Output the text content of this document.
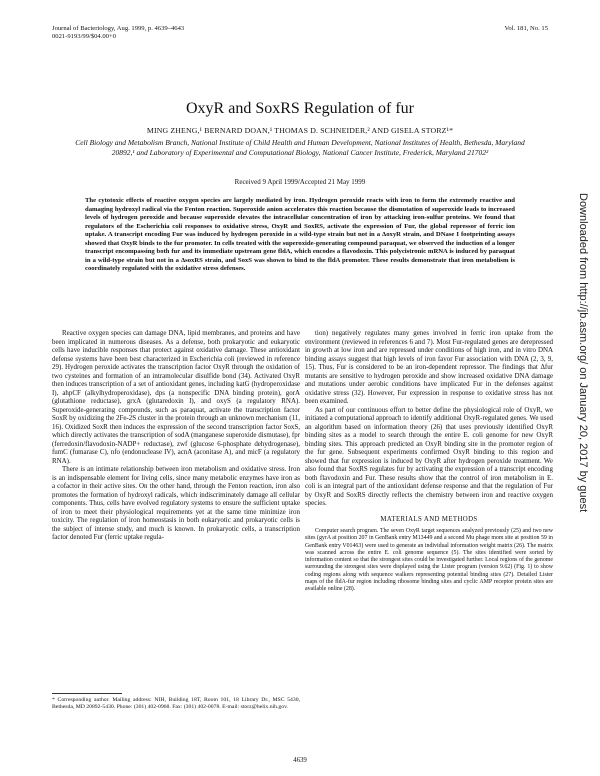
Journal of Bacteriology, Aug. 1999, p. 4639–4643
0021-9193/99/$04.00+0
Vol. 181, No. 15
OxyR and SoxRS Regulation of fur
MING ZHENG,¹ BERNARD DOAN,¹ THOMAS D. SCHNEIDER,² AND GISELA STORZ¹*
Cell Biology and Metabolism Branch, National Institute of Child Health and Human Development, National Institutes of Health, Bethesda, Maryland 20892,¹ and Laboratory of Experimental and Computational Biology, National Cancer Institute, Frederick, Maryland 21702²
Received 9 April 1999/Accepted 21 May 1999
The cytotoxic effects of reactive oxygen species are largely mediated by iron. Hydrogen peroxide reacts with iron to form the extremely reactive and damaging hydroxyl radical via the Fenton reaction. Superoxide anion accelerates this reaction because the dismutation of superoxide leads to increased levels of hydrogen peroxide and because superoxide elevates the intracellular concentration of iron by attacking iron-sulfur proteins. We found that regulators of the Escherichia coli responses to oxidative stress, OxyR and SoxRS, activate the expression of Fur, the global repressor of ferric ion uptake. A transcript encoding Fur was induced by hydrogen peroxide in a wild-type strain but not in a ΔoxyR strain, and DNase I footprinting assays showed that OxyR binds to the fur promoter. In cells treated with the superoxide-generating compound paraquat, we observed the induction of a longer transcript encompassing both fur and its immediate upstream gene fldA, which encodes a flavodoxin. This polycistronic mRNA is induced by paraquat in a wild-type strain but not in a ΔsoxRS strain, and SoxS was shown to bind to the fldA promoter. These results demonstrate that iron metabolism is coordinately regulated with the oxidative stress defenses.

Reactive oxygen species can damage DNA, lipid membranes, and proteins and have been implicated in numerous diseases. As a defense, both prokaryotic and eukaryotic cells have inducible responses that protect against oxidative damage. These antioxidant defense systems have been best characterized in Escherichia coli (reviewed in reference 29). Hydrogen peroxide activates the transcription factor OxyR through the oxidation of two cysteines and formation of an intramolecular disulfide bond (34). Activated OxyR then induces transcription of a set of antioxidant genes, including katG (hydroperoxidase I), ahpCF (alkylhydroperoxidase), dps (a nonspecific DNA binding protein), gorA (glutathione reductase), grxA (glutaredoxin I), and oxyS (a regulatory RNA). Superoxide-generating compounds, such as paraquat, activate the transcription factor SoxR by oxidizing the 2Fe-2S cluster in the protein through an unknown mechanism (11, 16). Oxidized SoxR then induces the expression of the second transcription factor SoxS, which directly activates the transcription of sodA (manganese superoxide dismutase), fpr (ferredoxin/flavodoxin-NADP+ reductase), zwf (glucose 6-phosphate dehydrogenase), fumC (fumarase C), nfo (endonuclease IV), acnA (aconitase A), and micF (a regulatory RNA).

There is an intimate relationship between iron metabolism and oxidative stress. Iron is an indispensable element for living cells, since many metabolic enzymes have iron as a cofactor in their active sites. On the other hand, through the Fenton reaction, iron also promotes the formation of hydroxyl radicals, which indiscriminately damage all cellular components. Thus, cells have evolved regulatory systems to ensure the sufficient uptake of iron to meet their physiological requirements yet at the same time minimize iron toxicity. The regulation of iron homeostasis in both eukaryotic and prokaryotic cells is the subject of intense study, and much is known. In prokaryotic cells, a transcription factor denoted Fur (ferric uptake regula-

tion) negatively regulates many genes involved in ferric iron uptake from the environment (reviewed in references 6 and 7). Most Fur-regulated genes are derepressed in growth at low iron and are repressed under conditions of high iron, and in vitro DNA binding assays suggest that high levels of iron favor Fur association with DNA (2, 3, 9, 15). Thus, Fur is considered to be an iron-dependent repressor. The findings that Δfur mutants are sensitive to hydrogen peroxide and show increased oxidative DNA damage and mutations under aerobic conditions have implicated Fur in the defenses against oxidative stress (32). However, Fur expression in response to oxidative stress has not been examined.

As part of our continuous effort to better define the physiological role of OxyR, we initiated a computational approach to identify additional OxyR-regulated genes. We used an algorithm based on information theory (26) that uses previously identified OxyR binding sites as a model to search through the entire E. coli genome for new OxyR binding sites. This approach predicted an OxyR binding site in the promoter region of the fur gene. Subsequent experiments confirmed OxyR binding to this region and showed that fur expression is induced by OxyR after hydrogen peroxide treatment. We also found that SoxRS regulates fur by activating the expression of a transcript encoding both flavodoxin and Fur. These results show that the control of iron metabolism in E. coli is an integral part of the antioxidant defense response and that the regulation of Fur by OxyR and SoxRS directly reflects the chemistry between iron and reactive oxygen species.

MATERIALS AND METHODS

Computer search program. The seven OxyR target sequences analyzed previously (25) and two new sites (gyrA at position 207 in GenBank entry M13449 and a second Mu phage mom site at position 59 in GenBank entry V01463) were used to generate an individual information weight matrix (26). The matrix was scanned across the entire E. coli genome sequence (5). The sites identified were sorted by information content so that the strongest sites could be investigated further. Local regions of the genome surrounding the strongest sites were displayed using the Lister program (version 9.62) (Fig. 1) to show coding regions along with sequence walkers representing potential binding sites (27). Detailed Lister maps of the fldA-fur region including ribosome binding sites and cyclic AMP receptor protein sites are available online (28).

* Corresponding author. Mailing address: NIH, Building 18T, Room 101, 18 Library Dr., MSC 5430, Bethesda, MD 20892-5430. Phone: (301) 402-0968. Fax: (301) 402-0078. E-mail: storz@helix.nih.gov.
4639
Downloaded from http://jb.asm.org/ on January 20, 2017 by guest
